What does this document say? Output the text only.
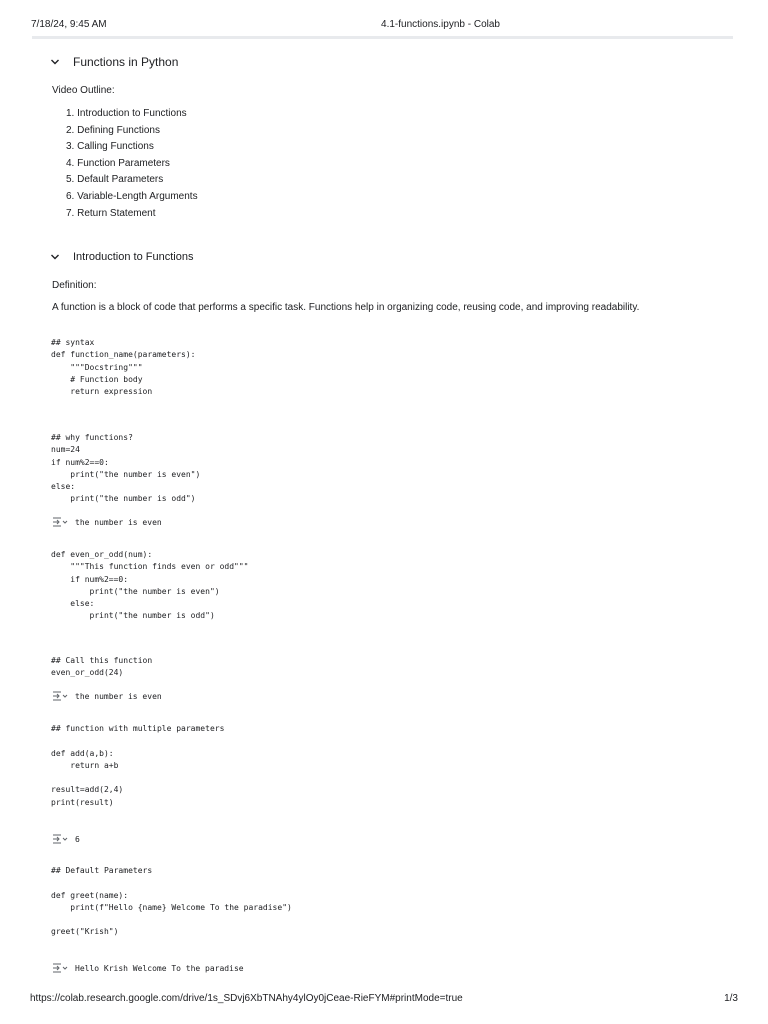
7/18/24, 9:45 AM	4.1-functions.ipynb - Colab
Functions in Python
Video Outline:
1. Introduction to Functions
2. Defining Functions
3. Calling Functions
4. Function Parameters
5. Default Parameters
6. Variable-Length Arguments
7. Return Statement
Introduction to Functions
Definition:
A function is a block of code that performs a specific task. Functions help in organizing code, reusing code, and improving readability.
## syntax
def function_name(parameters):
"""Docstring"""
# Function body
return expression
## why functions?
num=24
if num%2==0:
print("the number is even")
else:
print("the number is odd")
the number is even
def even_or_odd(num):
"""This function finds even or odd"""
if num%2==0:
print("the number is even")
else:
print("the number is odd")
## Call this function
even_or_odd(24)
the number is even
## function with multiple parameters

def add(a,b):
return a+b

result=add(2,4)
print(result)
6
## Default Parameters

def greet(name):
print(f"Hello {name} Welcome To the paradise")

greet("Krish")
Hello Krish Welcome To the paradise
https://colab.research.google.com/drive/1s_SDvj6XbTNAhy4ylOy0jCeae-RieFYM#printMode=true	1/3
